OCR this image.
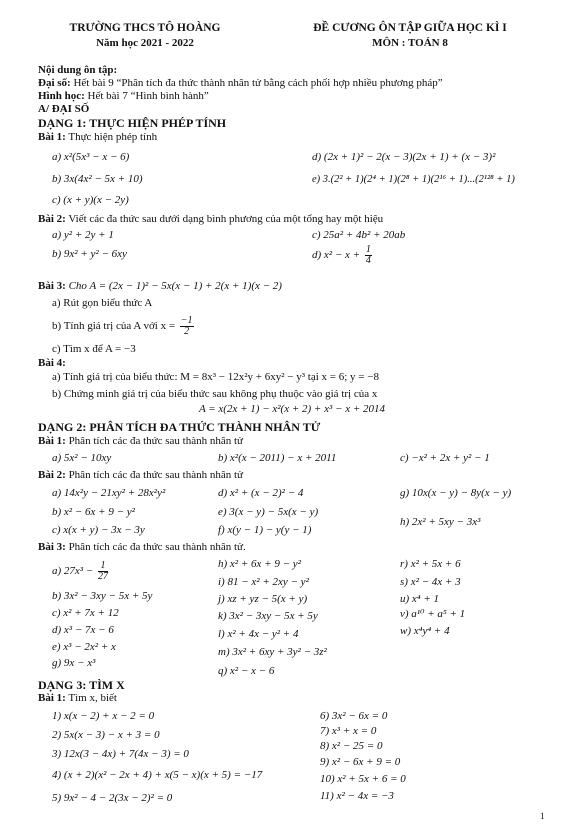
TRƯỜNG THCS TÔ HOÀNG
Năm học 2021 - 2022
ĐỀ CƯƠNG ÔN TẬP GIỮA HỌC KÌ I
MÔN : TOÁN 8
Nội dung ôn tập:
Đại số: Hết bài 9 “Phân tích đa thức thành nhân tử bằng cách phối hợp nhiều phương pháp”
Hình học: Hết bài 7 “Hình bình hành”
A/ ĐẠI SỐ
DẠNG 1: THỰC HIỆN PHÉP TÍNH
Bài 1: Thực hiện phép tính
a) x²(5x³ − x − 6)
b) 3x(4x² − 5x + 10)
c) (x + y)(x − 2y)
d) (2x + 1)² − 2(x − 3)(2x + 1) + (x − 3)²
e) 3.(2² + 1)(2⁴ + 1)(2⁸ + 1)(2¹⁶ + 1)...(2¹²⁸ + 1)
Bài 2: Viết các đa thức sau dưới dạng bình phương của một tổng hay một hiệu
a) y² + 2y + 1
b) 9x² + y² − 6xy
c) 25a² + 4b² + 20ab
d) $x^2 - x + \frac{1}{4}$
Bài 3: Cho A = (2x − 1)² − 5x(x − 1) + 2(x + 1)(x − 2)
a) Rút gọn biểu thức A
b) Tính giá trị của A với $x = \frac{-1}{2}$
c) Tìm x để A = −3
Bài 4:
a) Tính giá trị của biểu thức: M = 8x³ − 12x²y + 6xy² − y³ tại x = 6; y = −8
b) Chứng minh giá trị của biểu thức sau không phụ thuộc vào giá trị của x
A = x(2x + 1) − x²(x + 2) + x³ − x + 2014
DẠNG 2: PHÂN TÍCH ĐA THỨC THÀNH NHÂN TỬ
Bài 1: Phân tích các đa thức sau thành nhân tử
a) 5x² − 10xy	b) x²(x − 2011) − x + 2011	c) −x² + 2x + y² − 1
Bài 2: Phân tích các đa thức sau thành nhân tử
a) 14x²y − 21xy² + 28x²y²
b) x² − 6x + 9 − y²
c) x(x + y) − 3x − 3y
d) x² + (x − 2)² − 4
e) 3(x − y) − 5x(x − y)
f) x(y − 1) − y(y − 1)
g) 10x(x − y) − 8y(x − y)
h) 2x² + 5xy − 3x³
Bài 3: Phân tích các đa thức sau thành nhân tử.
a) $27x^3 - \frac{1}{27}$
b) 3x² − 3xy − 5x + 5y
c) x² + 7x + 12
d) x³ − 7x − 6
e) x³ − 2x² + x
g) 9x − x³
h) x² + 6x + 9 − y²
i) 81 − x² + 2xy − y²
j) xz + yz − 5(x + y)
k) 3x² − 3xy − 5x + 5y
l) x² + 4x − y² + 4
m) 3x² + 6xy + 3y² − 3z²
q) x² − x − 6
r) x² + 5x + 6
s) x² − 4x + 3
u) x⁴ + 1
v) a¹⁰ + a⁵ + 1
w) x⁴y⁴ + 4
DẠNG 3: TÌM X
Bài 1: Tìm x, biết
1) x(x − 2) + x − 2 = 0
2) 5x(x − 3) − x + 3 = 0
3) 12x(3 − 4x) + 7(4x − 3) = 0
4) (x + 2)(x² − 2x + 4) + x(5 − x)(x + 5) = −17
5) 9x² − 4 − 2(3x − 2)² = 0
6) 3x² − 6x = 0
7) x³ + x = 0
8) x² − 25 = 0
9) x² − 6x + 9 = 0
10) x² + 5x + 6 = 0
11) x² − 4x = −3
1
